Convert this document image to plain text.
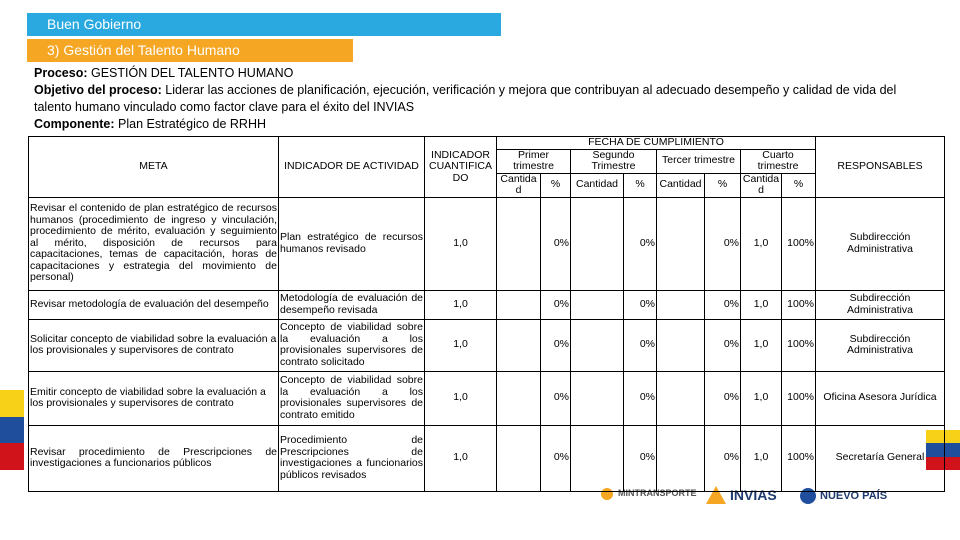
Buen Gobierno
3) Gestión del Talento Humano
Proceso: GESTIÓN DEL TALENTO HUMANO
Objetivo del proceso: Liderar las acciones de planificación, ejecución, verificación y mejora que contribuyan al adecuado desempeño y calidad de vida del talento humano vinculado como factor clave para el éxito del INVIAS
Componente: Plan Estratégico de RRHH
MINTRANSPORTE INVIAS	NUEVO PAÍS
META	INDICADOR DE ACTIVIDAD	INDICADOR CUANTIFICADO	FECHA DE CUMPLIMIENTO								RESPONSABLES
			Primer trimestre		Segundo Trimestre		Tercer trimestre		Cuarto trimestre		
			Cantidad	%	Cantidad	%	Cantidad	%	Cantidad	%	
Revisar el contenido de plan estratégico de recursos humanos (procedimiento de ingreso y vinculación, procedimiento de mérito, evaluación y seguimiento al mérito, disposición de recursos para capacitaciones, temas de capacitación, horas de capacitaciones y estrategia del movimiento de personal)	Plan estratégico de recursos humanos revisado	1,0		0%		0%		0%	1,0	100%	Subdirección Administrativa
Revisar metodología de evaluación del desempeño	Metodología de evaluación de desempeño revisada	1,0		0%		0%		0%	1,0	100%	Subdirección Administrativa
Solicitar concepto de viabilidad sobre la evaluación a los provisionales y supervisores de contrato	Concepto de viabilidad sobre la evaluación a los provisionales supervisores de contrato solicitado	1,0		0%		0%		0%	1,0	100%	Subdirección Administrativa
Emitir concepto de viabilidad sobre la evaluación a los provisionales y supervisores de contrato	Concepto de viabilidad sobre la evaluación a los provisionales supervisores de contrato emitido	1,0		0%		0%		0%	1,0	100%	Oficina Asesora Jurídica
Revisar procedimiento de Prescripciones de investigaciones a funcionarios públicos	Procedimiento de Prescripciones de investigaciones a funcionarios públicos revisados	1,0		0%		0%		0%	1,0	100%	Secretaría General
